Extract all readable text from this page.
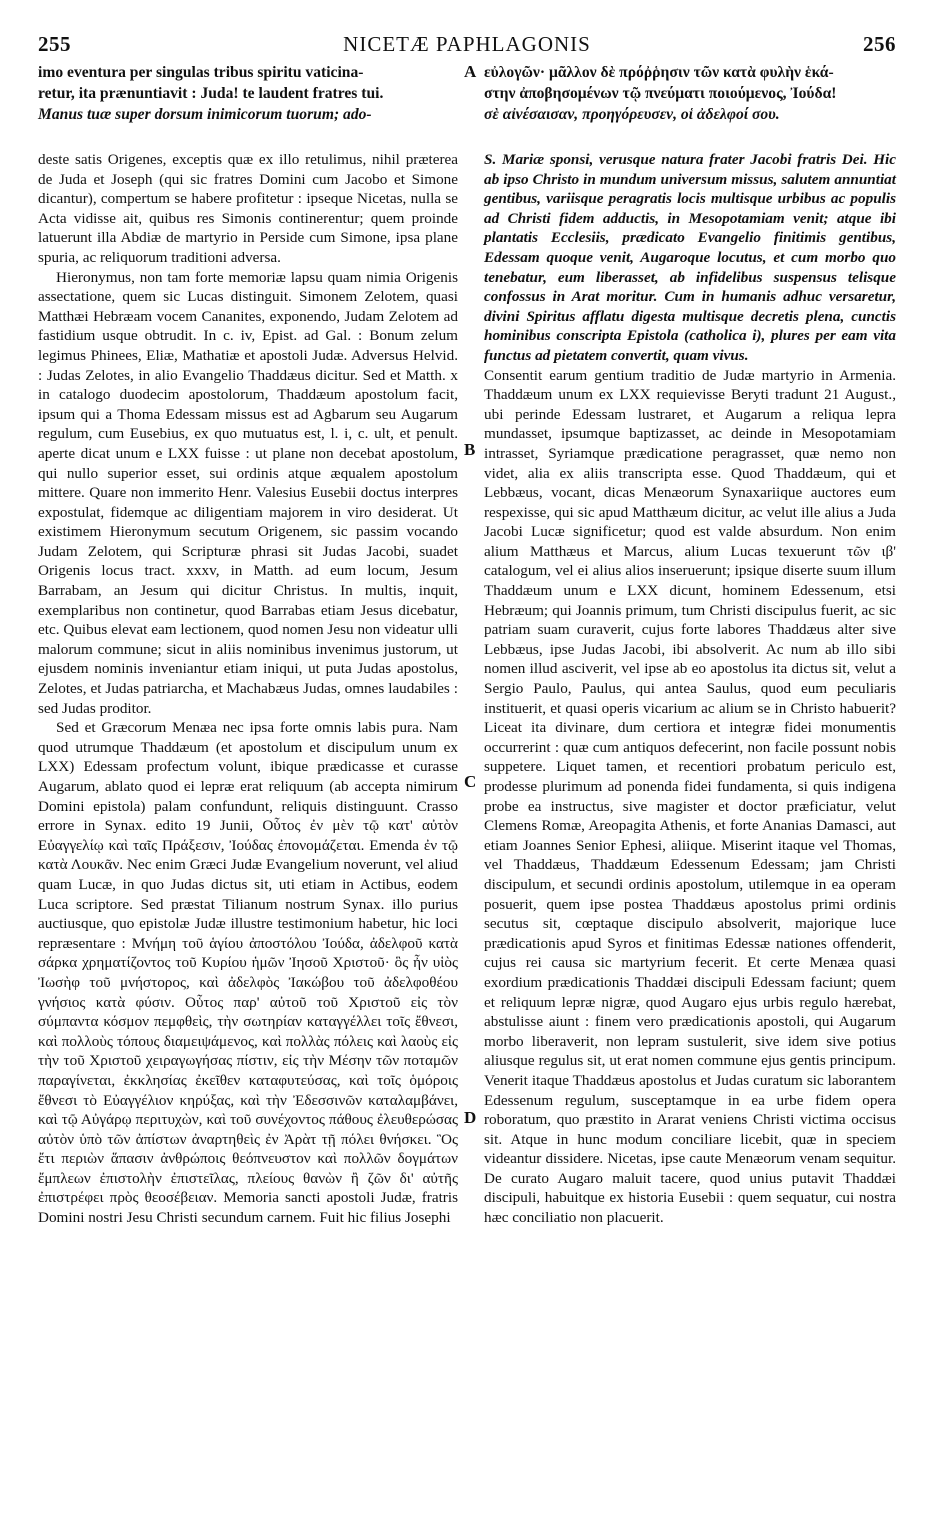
255	NICETÆ PAPHLAGONIS	256
imo eventura per singulas tribus spiritu vaticina-
retur, ita prænuntiavit : Juda! te laudent fratres tui.
Manus tuæ super dorsum inimicorum tuorum; ado-
εὐλογῶν· μᾶλλον δὲ πρόῤῥησιν τῶν κατὰ φυλὴν ἑκά-
στην ἀποβησομένων τῷ πνεύματι ποιούμενος, Ἰούδα!
σὲ αἰνέσαισαν, προηγόρευσεν, οἱ ἀδελφοί σου.
A
B
C
D

deste satis Origenes, exceptis quæ ex illo retulimus, nihil præterea de Juda et Joseph (qui sic fratres Domini cum Jacobo et Simone dicantur), compertum se habere profitetur : ipseque Nicetas, nulla se Acta vidisse ait, quibus res Simonis continerentur; quem proinde latuerunt illa Abdiæ de martyrio in Perside cum Simone, ipsa plane spuria, ac reliquorum traditioni adversa.

Hieronymus, non tam forte memoriæ lapsu quam nimia Origenis assectatione, quem sic Lucas distinguit. Simonem Zelotem, quasi Matthæi Hebræam vocem Cananites, exponendo, Judam Zelotem ad fastidium usque obtrudit. In c. iv, Epist. ad Gal. : Bonum zelum legimus Phinees, Eliæ, Mathatiæ et apostoli Judæ. Adversus Helvid. : Judas Zelotes, in alio Evangelio Thaddæus dicitur. Sed et Matth. x in catalogo duodecim apostolorum, Thaddæum apostolum facit, ipsum qui a Thoma Edessam missus est ad Agbarum seu Augarum regulum, cum Eusebius, ex quo mutuatus est, l. i, c. ult, et penult. aperte dicat unum e LXX fuisse : ut plane non decebat apostolum, qui nullo superior esset, sui ordinis atque æqualem apostolum mittere. Quare non immerito Henr. Valesius Eusebii doctus interpres expostulat, fidemque ac diligentiam majorem in viro desiderat. Ut existimem Hieronymum secutum Origenem, sic passim vocando Judam Zelotem, qui Scripturæ phrasi sit Judas Jacobi, suadet Origenis locus tract. xxxv, in Matth. ad eum locum, Jesum Barrabam, an Jesum qui dicitur Christus. In multis, inquit, exemplaribus non continetur, quod Barrabas etiam Jesus dicebatur, etc. Quibus elevat eam lectionem, quod nomen Jesu non videatur ulli malorum commune; sicut in aliis nominibus invenimus justorum, ut ejusdem nominis inveniantur etiam iniqui, ut puta Judas apostolus, Zelotes, et Judas patriarcha, et Machabæus Judas, omnes laudabiles : sed Judas proditor.

Sed et Græcorum Menæa nec ipsa forte omnis labis pura. Nam quod utrumque Thaddæum (et apostolum et discipulum unum ex LXX) Edessam profectum volunt, ibique prædicasse et curasse Augarum, ablato quod ei lepræ erat reliquum (ab accepta nimirum Domini epistola) palam confundunt, reliquis distinguunt. Crasso errore in Synax. edito 19 Junii, Οὗτος ἐν μὲν τῷ κατ' αὐτὸν Εὐαγγελίῳ καὶ ταῖς Πράξεσιν, Ἰούδας ἐπονομάζεται. Emendа ἐν τῷ κατὰ Λουκᾶν. Nec enim Græci Judæ Evangelium noverunt, vel aliud quam Lucæ, in quo Judas dictus sit, uti etiam in Actibus, eodem Luca scriptore. Sed præstat Tilianum nostrum Synax. illo purius auctiusque, quo epistolæ Judæ illustre testimonium habetur, hic loci repræsentare : Μνήμη τοῦ ἁγίου ἀποστόλου Ἰούδα, ἀδελφοῦ κατὰ σάρκα χρηματίζοντος τοῦ Κυρίου ἡμῶν Ἰησοῦ Χριστοῦ· ὃς ἦν υἱὸς Ἰωσὴφ τοῦ μνήστορος, καὶ ἀδελφὸς Ἰακώβου τοῦ ἀδελφοθέου γνήσιος κατὰ φύσιν. Οὗτος παρ' αὐτοῦ τοῦ Χριστοῦ εἰς τὸν σύμπαντα κόσμον πεμφθεὶς, τὴν σωτηρίαν καταγγέλλει τοῖς ἔθνεσι, καὶ πολλοὺς τόπους διαμειψάμενος, καὶ πολλὰς πόλεις καὶ λαοὺς εἰς τὴν τοῦ Χριστοῦ χειραγωγήσας πίστιν, εἰς τὴν Μέσην τῶν ποταμῶν παραγίνεται, ἐκκλησίας ἐκεῖθεν καταφυτεύσας, καὶ τοῖς ὁμόροις ἔθνεσι τὸ Εὐαγγέλιον κηρύξας, καὶ τὴν Ἐδεσσινῶν καταλαμβάνει, καὶ τῷ Αὐγάρῳ περιτυχὼν, καὶ τοῦ συνέχοντος πάθους ἐλευθερώσας αὐτὸν ὑπὸ τῶν ἀπίστων ἀναρτηθεὶς ἐν Ἀρὰτ τῇ πόλει θνήσκει. Ὃς ἔτι περιὼν ἅπασιν ἀνθρώποις θεόπνευστον καὶ πολλῶν δογμάτων ἔμπλεων ἐπιστολὴν ἐπιστεῖλας, πλείους θανὼν ἢ ζῶν δι' αὐτῆς ἐπιστρέφει πρὸς θεοσέβειαν. Memoria sancti apostoli Judæ, fratris Domini nostri Jesu Christi secundum carnem. Fuit hic filius Josephi

S. Mariæ sponsi, verusque natura frater Jacobi fratris Dei. Hic ab ipso Christo in mundum universum missus, salutem annuntiat gentibus, variisque peragratis locis multisque urbibus ac populis ad Christi fidem adductis, in Mesopotamiam venit; atque ibi plantatis Ecclesiis, prædicato Evangelio finitimis gentibus, Edessam quoque venit, Augaroque locutus, et cum morbo quo tenebatur, eum liberasset, ab infidelibus suspensus telisque confossus in Arat moritur. Cum in humanis adhuc versaretur, divini Spiritus afflatu digesta multisque decretis plena, cunctis hominibus conscripta Epistola (catholica i), plures per eam vita functus ad pietatem convertit, quam vivus.

Consentit earum gentium traditio de Judæ martyrio in Armenia. Thaddæum unum ex LXX requievisse Beryti tradunt 21 August., ubi perinde Edessam lustraret, et Augarum a reliqua lepra mundasset, ipsumque baptizasset, ac deinde in Mesopotamiam intrasset, Syriamque prædicatione peragrasset, quæ nemo non videt, alia ex aliis transcripta esse. Quod Thaddæum, qui et Lebbæus, vocant, dicas Menæorum Synaxariique auctores eum respexisse, qui sic apud Matthæum dicitur, ac velut ille alius a Juda Jacobi Lucæ significetur; quod est valde absurdum. Non enim alium Matthæus et Marcus, alium Lucas texuerunt τῶν ιβ' catalogum, vel ei alius alios inseruerunt; ipsique diserte suum illum Thaddæum unum e LXX dicunt, hominem Edessenum, etsi Hebræum; qui Joannis primum, tum Christi discipulus fuerit, ac sic patriam suam curaverit, cujus forte labores Thaddæus alter sive Lebbæus, ipse Judas Jacobi, ibi absolverit. Ac num ab illo sibi nomen illud asciverit, vel ipse ab eo apostolus ita dictus sit, velut a Sergio Paulo, Paulus, qui antea Saulus, quod eum peculiaris instituerit, et quasi operis vicarium ac alium se in Christo habuerit? Liceat ita divinare, dum certiora et integræ fidei monumentis occurrerint : quæ cum antiquos defecerint, non facile possunt nobis suppetere. Liquet tamen, et recentiori probatum periculo est, prodesse plurimum ad ponenda fidei fundamenta, si quis indigena probe ea instructus, sive magister et doctor præficiatur, velut Clemens Romæ, Areopagita Athenis, et forte Ananias Damasci, aut etiam Joannes Senior Ephesi, aliique. Miserint itaque vel Thomas, vel Thaddæus, Thaddæum Edessenum Edessam; jam Christi discipulum, et secundi ordinis apostolum, utilemque in ea operam posuerit, quem ipse postea Thaddæus apostolus primi ordinis secutus sit, cœptaque discipulo absolverit, majorique luce prædicationis apud Syros et finitimas Edessæ nationes offenderit, cujus rei causa sic martyrium fecerit. Et certe Menæa quasi exordium prædicationis Thaddæi discipuli Edessam faciunt; quem et reliquum lepræ nigræ, quod Augaro ejus urbis regulo hærebat, abstulisse aiunt : finem vero prædicationis apostoli, qui Augarum morbo liberaverit, non lepram sustulerit, sive idem sive potius aliusque regulus sit, ut erat nomen commune ejus gentis principum. Venerit itaque Thaddæus apostolus et Judas curatum sic laborantem Edessenum regulum, susceptamque in ea urbe fidem opera roboratum, quo præstito in Ararat veniens Christi victima occisus sit. Atque in hunc modum conciliare licebit, quæ in speciem videantur dissidere. Nicetas, ipse caute Menæorum venam sequitur. De curato Augaro maluit tacere, quod unius putavit Thaddæi discipuli, habuitque ex historia Eusebii : quem sequatur, cui nostra hæc conciliatio non placuerit.
